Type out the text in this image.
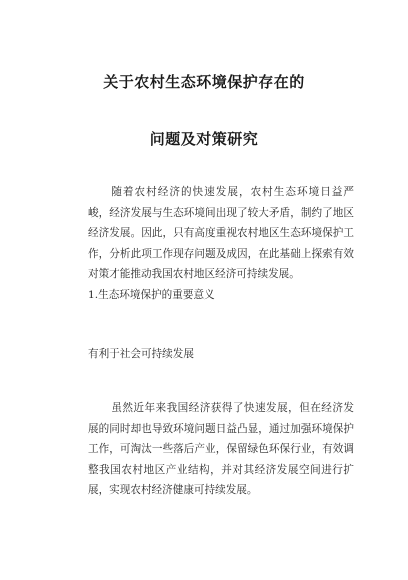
关于农村生态环境保护存在的
问题及对策研究

随着农村经济的快速发展，农村生态环境日益严峻，经济发展与生态环境间出现了较大矛盾，制约了地区经济发展。因此，只有高度重视农村地区生态环境保护工作，分析此项工作现存问题及成因，在此基础上探索有效对策才能推动我国农村地区经济可持续发展。

1.生态环境保护的重要意义

有利于社会可持续发展

虽然近年来我国经济获得了快速发展，但在经济发展的同时却也导致环境问题日益凸显，通过加强环境保护工作，可淘汰一些落后产业，保留绿色环保行业，有效调整我国农村地区产业结构，并对其经济发展空间进行扩展，实现农村经济健康可持续发展。
